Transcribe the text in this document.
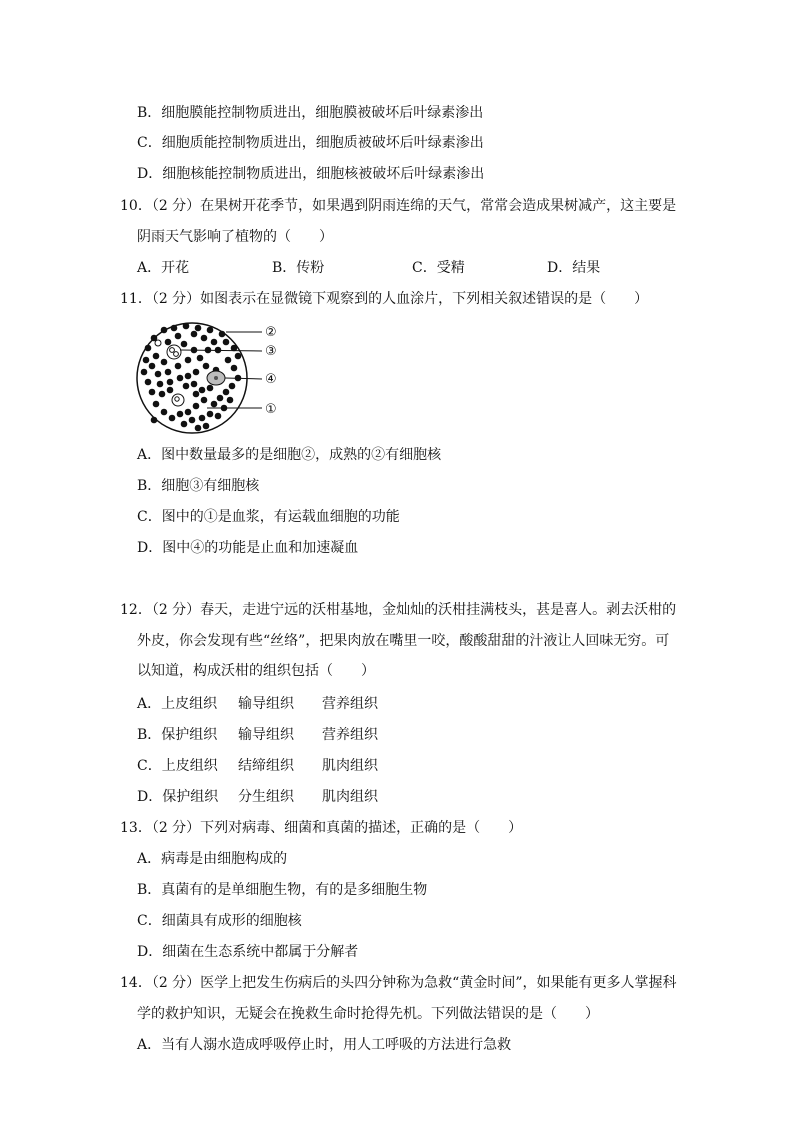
B．细胞膜能控制物质进出，细胞膜被破坏后叶绿素渗出
C．细胞质能控制物质进出，细胞质被破坏后叶绿素渗出
D．细胞核能控制物质进出，细胞核被破坏后叶绿素渗出
10．（2 分）在果树开花季节，如果遇到阴雨连绵的天气，常常会造成果树减产，这主要是
阴雨天气影响了植物的（　　）
A．开花	B．传粉	C．受精	D．结果
11．（2 分）如图表示在显微镜下观察到的人血涂片，下列相关叙述错误的是（　　）
②
③
④
①
A．图中数量最多的是细胞②，成熟的②有细胞核
B．细胞③有细胞核
C．图中的①是血浆，有运载血细胞的功能
D．图中④的功能是止血和加速凝血
12．（2 分）春天，走进宁远的沃柑基地，金灿灿的沃柑挂满枝头，甚是喜人。剥去沃柑的
外皮，你会发现有些“丝络”，把果肉放在嘴里一咬，酸酸甜甜的汁液让人回味无穷。可
以知道，构成沃柑的组织包括（　　）
A．上皮组织 输导组织 营养组织
B．保护组织 输导组织 营养组织
C．上皮组织 结缔组织 肌肉组织
D．保护组织 分生组织 肌肉组织
13．（2 分）下列对病毒、细菌和真菌的描述，正确的是（　　）
A．病毒是由细胞构成的
B．真菌有的是单细胞生物，有的是多细胞生物
C．细菌具有成形的细胞核
D．细菌在生态系统中都属于分解者
14．（2 分）医学上把发生伤病后的头四分钟称为急救“黄金时间”，如果能有更多人掌握科
学的救护知识，无疑会在挽救生命时抢得先机。下列做法错误的是（　　）
A．当有人溺水造成呼吸停止时，用人工呼吸的方法进行急救
